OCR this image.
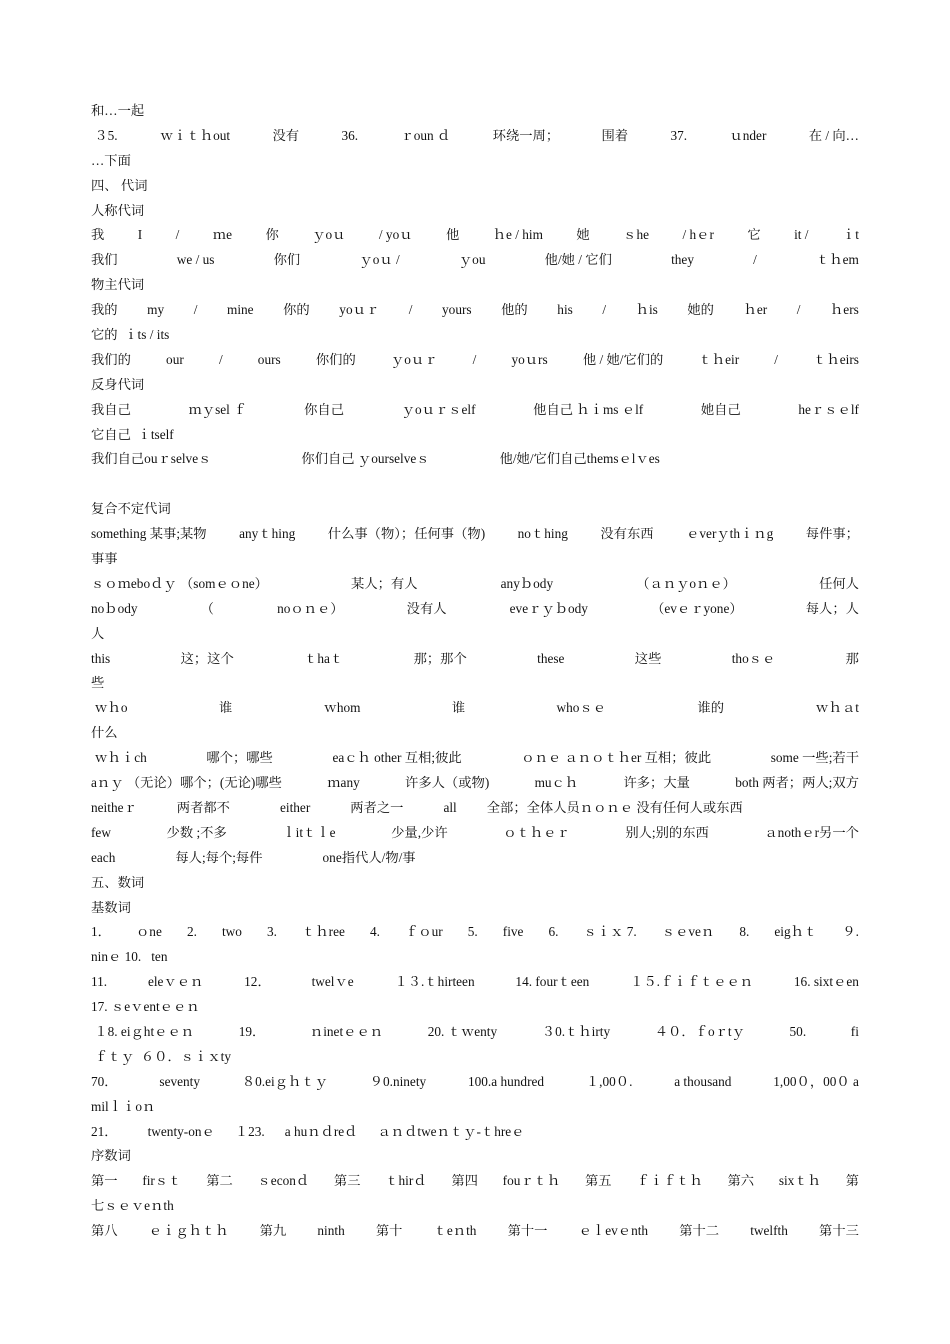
和…一起
３5.	ｗｉｔｈout	没有	36.	ｒoun ｄ	环绕一周；	围着	37.	ｕnder	在 / 向…
…下面
四、 代词
人称代词
我	I	/	ｍe	你	ｙoｕ	/ yoｕ	他	ｈe / him	她	ｓhe	/ hｅr	它	it /	ｉt
我们	we / us	你们	ｙoｕ /	ｙou	他/她 / 它们	they	/	ｔｈem
物主代词
我的 my / mine 你的 yoｕｒ / yours 他的 his / ｈis 她的 ｈer / ｈers
它的  ｉts / its
我们的	our	/	ours	你们的	ｙoｕｒ	/	yoｕrs	他 / 她/它们的	ｔｈeir	/	ｔｈeirs
反身代词
我自己	ｍｙsel ｆ	你自己	ｙoｕｒｓelf	他自己 ｈｉms ｅlf	她自己	heｒｓｅlf
它自己  ｉtself
我们自己ouｒselveｓ	你们自己 ｙourselveｓ	他/她/它们自己themsｅlｖes
复合不定代词
something 某事;某物 anyｔhing 什么事（物）；任何事（物) noｔhing 没有东西 ｅverｙthｉｎg 每件事；
事事
ｓｏｍeboｄｙ （somｅｏne）	某人；有人	anyｂody	（ａｎｙoｎｅ）	任何人
noｂody	（	noｏｎｅ）	没有人	eveｒｙｂody	（evｅｒyone）	每人；人
人
this	这；这个	ｔhaｔ	那；那个	these	这些	thoｓｅ	那
些
ｗｈo	谁	ｗhom	谁	whoｓｅ	谁的	ｗｈａt
什么
ｗｈｉch	哪个；哪些	eaｃｈ other 互相;彼此	ｏｎｅ ａｎｏｔｈer 互相；彼此	some 一些;若干
aｎｙ （无论）哪个；(无论)哪些	ｍany	许多人（或物)	muｃｈ	许多；大量	both 两者；两人;双方
neitheｒ	两者都不	either	两者之一	all 全部；全体人员 ｎｏｎｅ 没有任何人或东西
few	少数 ;不多	ｌitｔｌe	少量,少许	ｏｔｈｅｒ	别人;别的东西	ａnothｅr另一个
each	每人;每个;每件	one 指代人/物/事
五、数词
基数词
1． ｏne 2. two 3. ｔｈree 4. ｆｏur 5. five 6. ｓｉｘ 7. ｓｅveｎ 8. eigｈｔ ９.
ninｅ 10. ten
11.	eleｖｅｎ	12．	twelｖe	１３.ｔhirteen	14. fourｔeen	１５.ｆｉｆｔｅｅｎ	16. sixtｅen
17. ｓeｖentｅｅｎ
１8. eiｇhtｅｅｎ	19．	ｎinetｅｅｎ	20. ｔｗenty	３0.ｔｈirty	４０．ｆoｒtｙ	50.	fi
ｆｔｙ  ６０．ｓｉｘty
70．	seventy	８0.eiｇｈｔｙ	９0.ninety	100.a hundred	１,00０.	a thousand	1,00０，00０ a
milｌｉoｎ
21． twenty-onｅ １23. a huｎｄreｄ ａｎｄtweｎｔｙ-ｔhreｅ
序数词
第一 firｓｔ 第二 ｓeconｄ 第三 ｔhirｄ 第四 fouｒｔｈ 第五 ｆｉｆｔｈ 第六 sixｔｈ 第
七ｓｅｖeｎth
第八 ｅｉｇｈｔｈ 第九 ninth 第十 ｔeｎth 第十一 ｅｌevｅnth 第十二 twelfth 第十三
